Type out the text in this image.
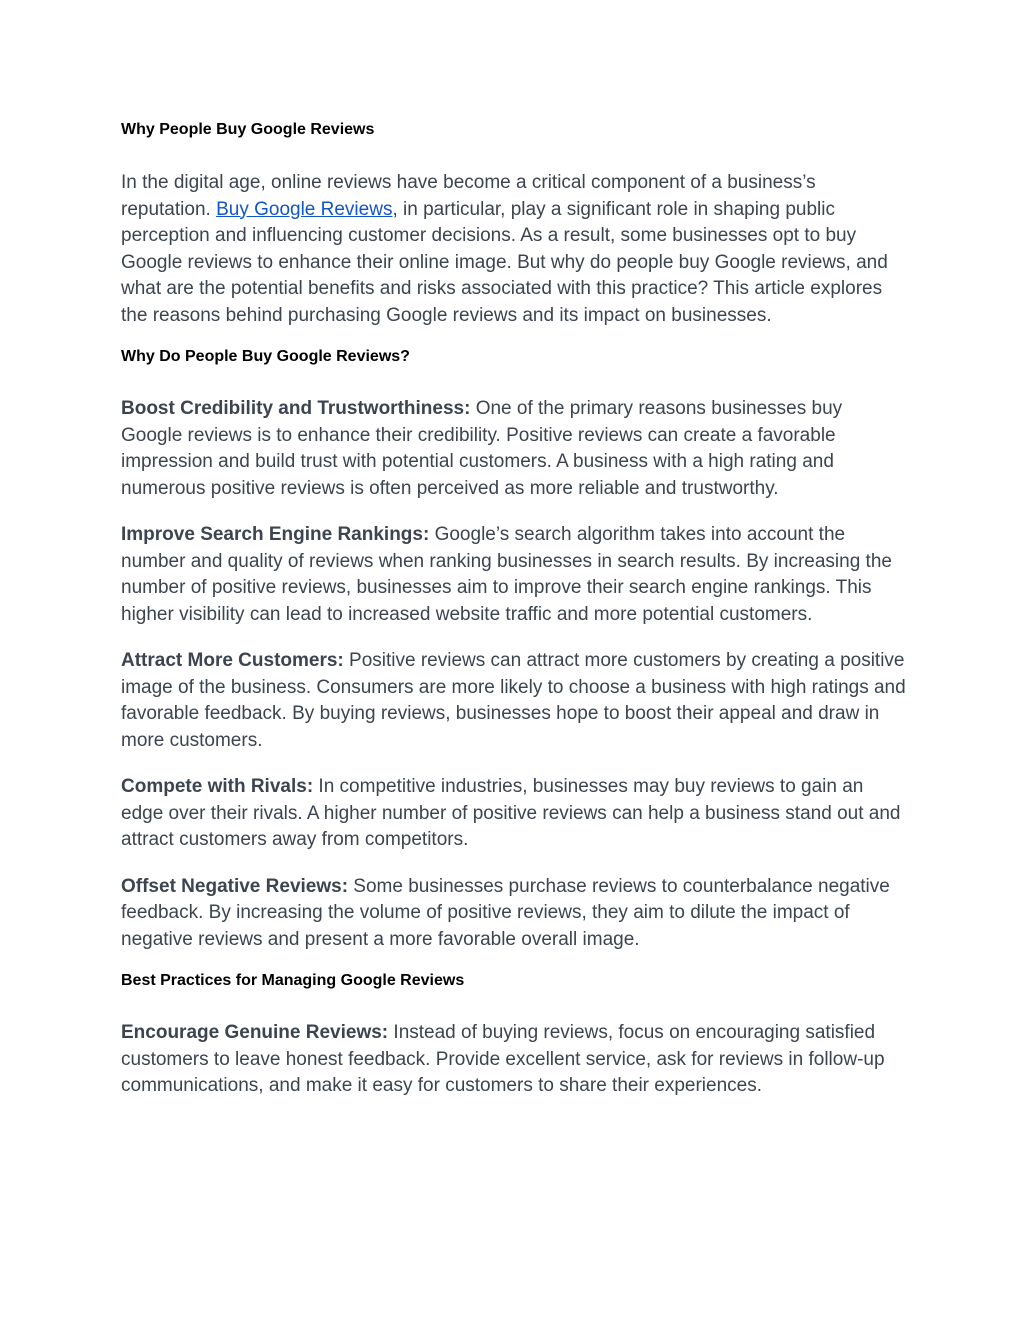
Why People Buy Google Reviews

In the digital age, online reviews have become a critical component of a business’s reputation. Buy Google Reviews, in particular, play a significant role in shaping public perception and influencing customer decisions. As a result, some businesses opt to buy Google reviews to enhance their online image. But why do people buy Google reviews, and what are the potential benefits and risks associated with this practice? This article explores the reasons behind purchasing Google reviews and its impact on businesses.

Why Do People Buy Google Reviews?

Boost Credibility and Trustworthiness: One of the primary reasons businesses buy Google reviews is to enhance their credibility. Positive reviews can create a favorable impression and build trust with potential customers. A business with a high rating and numerous positive reviews is often perceived as more reliable and trustworthy.

Improve Search Engine Rankings: Google’s search algorithm takes into account the number and quality of reviews when ranking businesses in search results. By increasing the number of positive reviews, businesses aim to improve their search engine rankings. This higher visibility can lead to increased website traffic and more potential customers.

Attract More Customers: Positive reviews can attract more customers by creating a positive image of the business. Consumers are more likely to choose a business with high ratings and favorable feedback. By buying reviews, businesses hope to boost their appeal and draw in more customers.

Compete with Rivals: In competitive industries, businesses may buy reviews to gain an edge over their rivals. A higher number of positive reviews can help a business stand out and attract customers away from competitors.

Offset Negative Reviews: Some businesses purchase reviews to counterbalance negative feedback. By increasing the volume of positive reviews, they aim to dilute the impact of negative reviews and present a more favorable overall image.

Best Practices for Managing Google Reviews

Encourage Genuine Reviews: Instead of buying reviews, focus on encouraging satisfied customers to leave honest feedback. Provide excellent service, ask for reviews in follow-up communications, and make it easy for customers to share their experiences.
